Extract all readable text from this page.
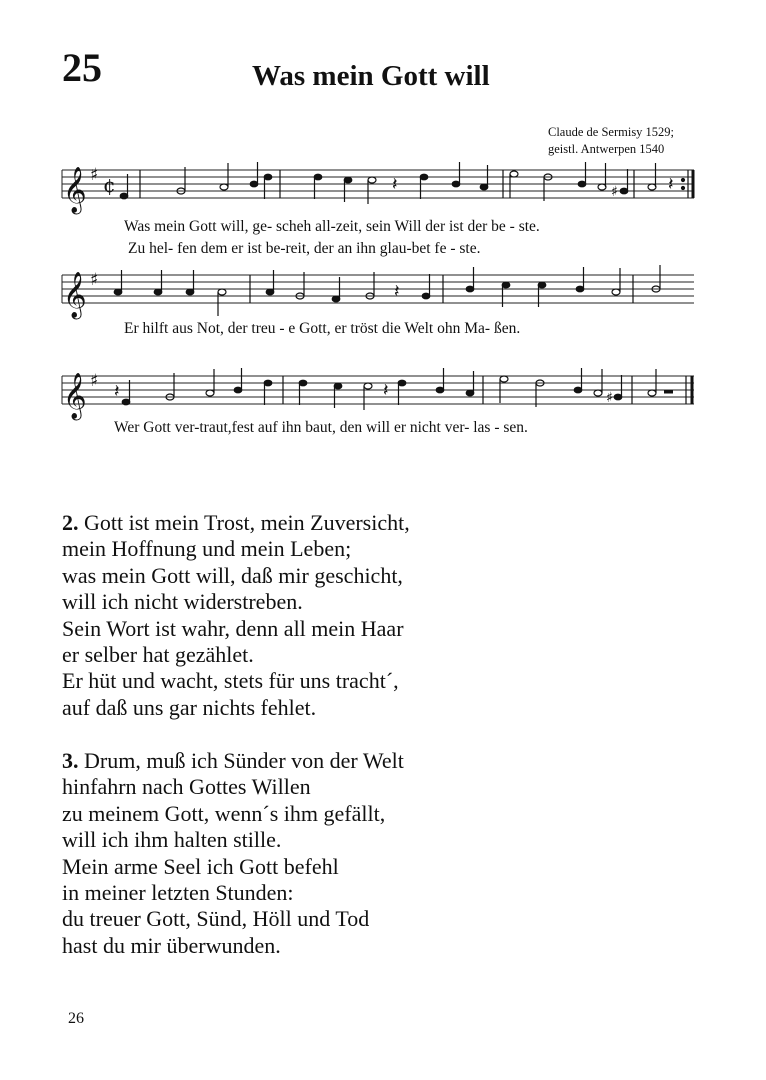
25	Was mein Gott will
Claude de Sermisy 1529;
geistl. Antwerpen 1540
𝄞 ♯ ¢	𝄽	♯	𝄽
Was mein Gott will, ge- scheh all-zeit, sein Will der ist der be - ste.
Zu hel- fen dem er ist be-reit, der an ihn glau-bet fe - ste.
𝄞 ♯
𝄽
Er hilft aus Not, der treu - e Gott, er tröst die Welt ohn Ma- ßen.
𝄞 ♯ 𝄽	𝄽	♯
Wer Gott ver-traut,fest auf ihn baut, den will er nicht ver- las - sen.
2. Gott ist mein Trost, mein Zuversicht,
mein Hoffnung und mein Leben;
was mein Gott will, daß mir geschicht,
will ich nicht widerstreben.
Sein Wort ist wahr, denn all mein Haar
er selber hat gezählet.
Er hüt und wacht, stets für uns tracht´,
auf daß uns gar nichts fehlet.
3. Drum, muß ich Sünder von der Welt
hinfahrn nach Gottes Willen
zu meinem Gott, wenn´s ihm gefällt,
will ich ihm halten stille.
Mein arme Seel ich Gott befehl
in meiner letzten Stunden:
du treuer Gott, Sünd, Höll und Tod
hast du mir überwunden.
26
